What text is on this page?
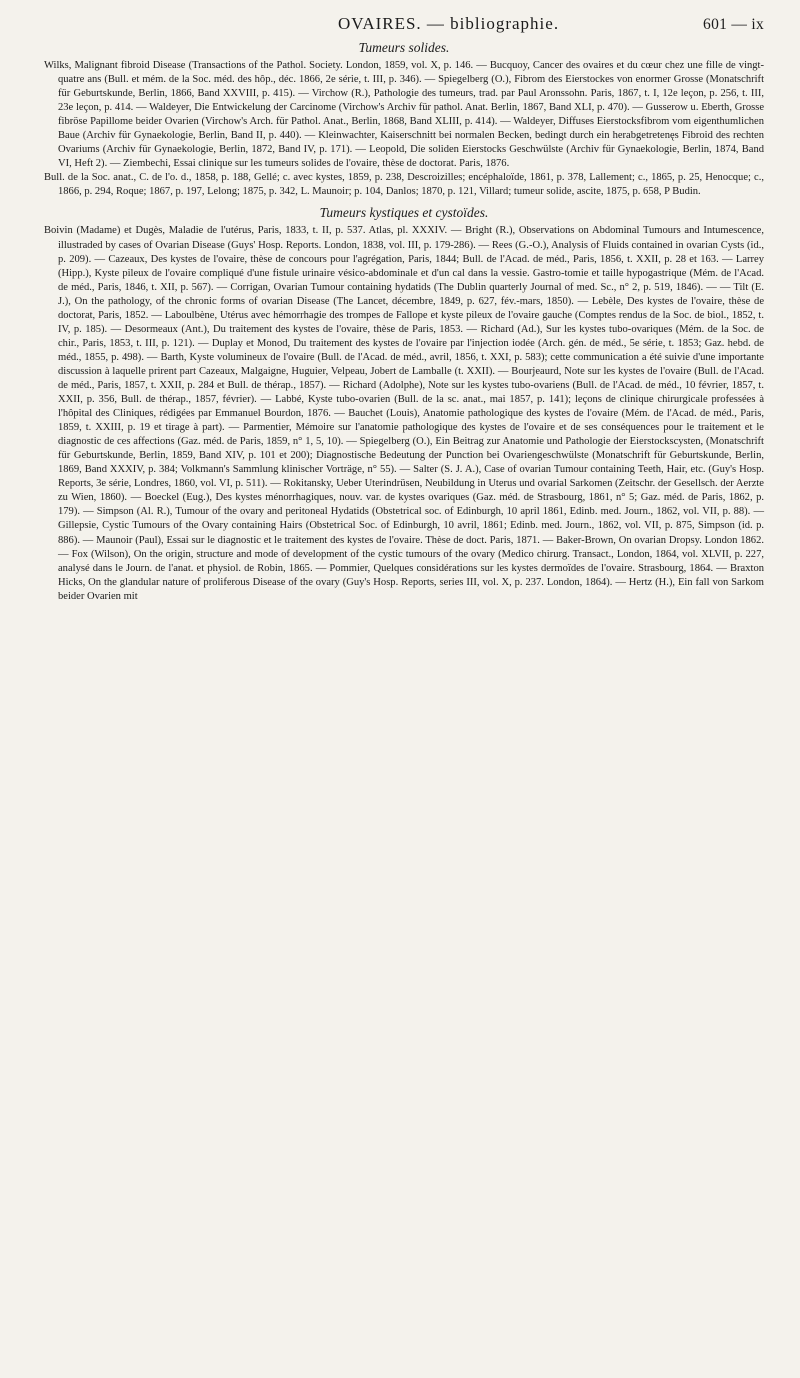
OVAIRES. — bibliographie.	601 — ix
Tumeurs solides.

Wilks, Malignant fibroid Disease (Transactions of the Pathol. Society. London, 1859, vol. X, p. 146. — Bucquoy, Cancer des ovaires et du cœur chez une fille de vingt-quatre ans (Bull. et mém. de la Soc. méd. des hôp., déc. 1866, 2e série, t. III, p. 346). — Spiegelberg (O.), Fibrom des Eierstockes von enormer Grosse (Monatschrift für Geburtskunde, Berlin, 1866, Band XXVIII, p. 415). — Virchow (R.), Pathologie des tumeurs, trad. par Paul Aronssohn. Paris, 1867, t. I, 12e leçon, p. 256, t. III, 23e leçon, p. 414. — Waldeyer, Die Entwickelung der Carcinome (Virchow's Archiv für pathol. Anat. Berlin, 1867, Band XLI, p. 470). — Gusserow u. Eberth, Grosse fibröse Papillome beider Ovarien (Virchow's Arch. für Pathol. Anat., Berlin, 1868, Band XLIII, p. 414). — Waldeyer, Diffuses Eierstocksfibrom vom eigenthumlichen Baue (Archiv für Gynaekologie, Berlin, Band II, p. 440). — Kleinwachter, Kaiserschnitt bei normalen Becken, bedingt durch ein herabgetretenęs Fibroid des rechten Ovariums (Archiv für Gynaekologie, Berlin, 1872, Band IV, p. 171). — Leopold, Die soliden Eierstocks Geschwülste (Archiv für Gynaekologie, Berlin, 1874, Band VI, Heft 2). — Ziembechi, Essai clinique sur les tumeurs solides de l'ovaire, thèse de doctorat. Paris, 1876.

Bull. de la Soc. anat., C. de l'o. d., 1858, p. 188, Gellé; c. avec kystes, 1859, p. 238, Descroizilles; encéphaloïde, 1861, p. 378, Lallement; c., 1865, p. 25, Henocque; c., 1866, p. 294, Roque; 1867, p. 197, Lelong; 1875, p. 342, L. Maunoir; p. 104, Danlos; 1870, p. 121, Villard; tumeur solide, ascite, 1875, p. 658, P Budin.

Tumeurs kystiques et cystoïdes.

Boivin (Madame) et Dugès, Maladie de l'utérus, Paris, 1833, t. II, p. 537. Atlas, pl. XXXIV. — Bright (R.), Observations on Abdominal Tumours and Intumescence, illustraded by cases of Ovarian Disease (Guys' Hosp. Reports. London, 1838, vol. III, p. 179-286). — Rees (G.-O.), Analysis of Fluids contained in ovarian Cysts (id., p. 209). — Cazeaux, Des kystes de l'ovaire, thèse de concours pour l'agrégation, Paris, 1844; Bull. de l'Acad. de méd., Paris, 1856, t. XXII, p. 28 et 163. — Larrey (Hipp.), Kyste pileux de l'ovaire compliqué d'une fistule urinaire vésico-abdominale et d'un cal dans la vessie. Gastro-tomie et taille hypogastrique (Mém. de l'Acad. de méd., Paris, 1846, t. XII, p. 567). — Corrigan, Ovarian Tumour containing hydatids (The Dublin quarterly Journal of med. Sc., n° 2, p. 519, 1846). — — Tilt (E. J.), On the pathology, of the chronic forms of ovarian Disease (The Lancet, décembre, 1849, p. 627, fév.-mars, 1850). — Lebèle, Des kystes de l'ovaire, thèse de doctorat, Paris, 1852. — Laboulbène, Utérus avec hémorrhagie des trompes de Fallope et kyste pileux de l'ovaire gauche (Comptes rendus de la Soc. de biol., 1852, t. IV, p. 185). — Desormeaux (Ant.), Du traitement des kystes de l'ovaire, thèse de Paris, 1853. — Richard (Ad.), Sur les kystes tubo-ovariques (Mém. de la Soc. de chir., Paris, 1853, t. III, p. 121). — Duplay et Monod, Du traitement des kystes de l'ovaire par l'injection iodée (Arch. gén. de méd., 5e série, t. 1853; Gaz. hebd. de méd., 1855, p. 498). — Barth, Kyste volumineux de l'ovaire (Bull. de l'Acad. de méd., avril, 1856, t. XXI, p. 583); cette communication a été suivie d'une importante discussion à laquelle prirent part Cazeaux, Malgaigne, Huguier, Velpeau, Jobert de Lamballe (t. XXII). — Bourjeaurd, Note sur les kystes de l'ovaire (Bull. de l'Acad. de méd., Paris, 1857, t. XXII, p. 284 et Bull. de thérap., 1857). — Richard (Adolphe), Note sur les kystes tubo-ovariens (Bull. de l'Acad. de méd., 10 février, 1857, t. XXII, p. 356, Bull. de thérap., 1857, février). — Labbé, Kyste tubo-ovarien (Bull. de la sc. anat., mai 1857, p. 141); leçons de clinique chirurgicale professées à l'hôpital des Cliniques, rédigées par Emmanuel Bourdon, 1876. — Bauchet (Louis), Anatomie pathologique des kystes de l'ovaire (Mém. de l'Acad. de méd., Paris, 1859, t. XXIII, p. 19 et tirage à part). — Parmentier, Mémoire sur l'anatomie pathologique des kystes de l'ovaire et de ses conséquences pour le traitement et le diagnostic de ces affections (Gaz. méd. de Paris, 1859, n° 1, 5, 10). — Spiegelberg (O.), Ein Beitrag zur Anatomie und Pathologie der Eierstockscysten, (Monatschrift für Geburtskunde, Berlin, 1859, Band XIV, p. 101 et 200); Diagnostische Bedeutung der Punction bei Ovariengeschwülste (Monatschrift für Geburtskunde, Berlin, 1869, Band XXXIV, p. 384; Volkmann's Sammlung klinischer Vorträge, n° 55). — Salter (S. J. A.), Case of ovarian Tumour containing Teeth, Hair, etc. (Guy's Hosp. Reports, 3e série, Londres, 1860, vol. VI, p. 511). — Rokitansky, Ueber Uterindrüsen, Neubildung in Uterus und ovarial Sarkomen (Zeitschr. der Gesellsch. der Aerzte zu Wien, 1860). — Boeckel (Eug.), Des kystes ménorrhagiques, nouv. var. de kystes ovariques (Gaz. méd. de Strasbourg, 1861, n° 5; Gaz. méd. de Paris, 1862, p. 179). — Simpson (Al. R.), Tumour of the ovary and peritoneal Hydatids (Obstetrical soc. of Edinburgh, 10 april 1861, Edinb. med. Journ., 1862, vol. VII, p. 88). — Gillepsie, Cystic Tumours of the Ovary containing Hairs (Obstetrical Soc. of Edinburgh, 10 avril, 1861; Edinb. med. Journ., 1862, vol. VII, p. 875, Simpson (id. p. 886). — Maunoir (Paul), Essai sur le diagnostic et le traitement des kystes de l'ovaire. Thèse de doct. Paris, 1871. — Baker-Brown, On ovarian Dropsy. London 1862. — Fox (Wilson), On the origin, structure and mode of development of the cystic tumours of the ovary (Medico chirurg. Transact., London, 1864, vol. XLVII, p. 227, analysé dans le Journ. de l'anat. et physiol. de Robin, 1865. — Pommier, Quelques considérations sur les kystes dermoïdes de l'ovaire. Strasbourg, 1864. — Braxton Hicks, On the glandular nature of proliferous Disease of the ovary (Guy's Hosp. Reports, series III, vol. X, p. 237. London, 1864). — Hertz (H.), Ein fall von Sarkom beider Ovarien mit
